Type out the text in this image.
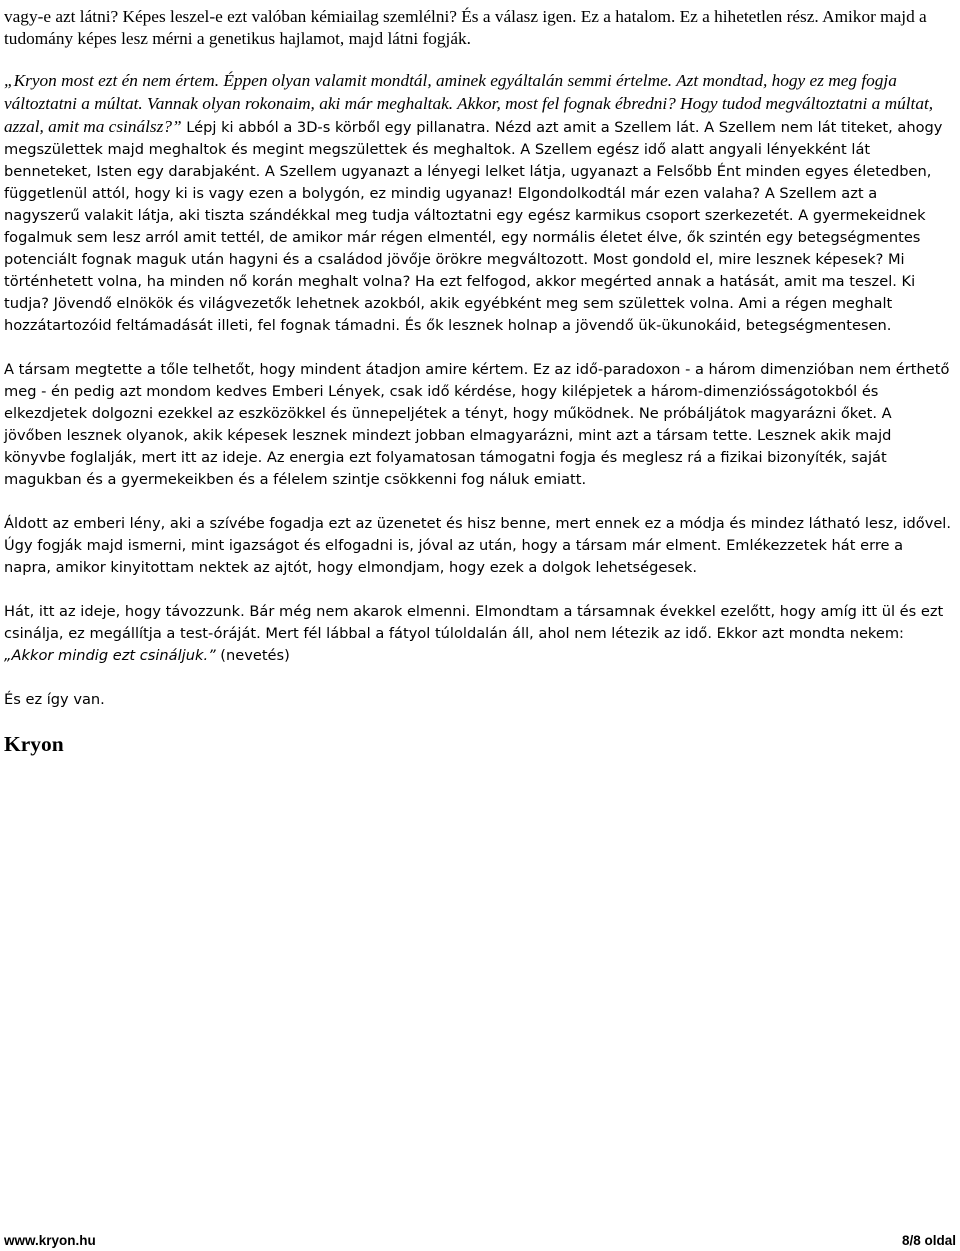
vagy-e azt látni? Képes leszel-e ezt valóban kémiailag szemlélni? És a válasz igen. Ez a hatalom. Ez a hihetetlen rész. Amikor majd a tudomány képes lesz mérni a genetikus hajlamot, majd látni fogják.

„Kryon most ezt én nem értem. Éppen olyan valamit mondtál, aminek egyáltalán semmi értelme. Azt mondtad, hogy ez meg fogja változtatni a múltat. Vannak olyan rokonaim, aki már meghaltak. Akkor, most fel fognak ébredni? Hogy tudod megváltoztatni a múltat, azzal, amit ma csinálsz?” Lépj ki abból a 3D-s körből egy pillanatra. Nézd azt amit a Szellem lát. A Szellem nem lát titeket, ahogy megszülettek majd meghaltok és megint megszülettek és meghaltok. A Szellem egész idő alatt angyali lényekként lát benneteket, Isten egy darabjaként. A Szellem ugyanazt a lényegi lelket látja, ugyanazt a Felsőbb Ént minden egyes életedben, függetlenül attól, hogy ki is vagy ezen a bolygón, ez mindig ugyanaz! Elgondolkodtál már ezen valaha? A Szellem azt a nagyszerű valakit látja, aki tiszta szándékkal meg tudja változtatni egy egész karmikus csoport szerkezetét. A gyermekeidnek fogalmuk sem lesz arról amit tettél, de amikor már régen elmentél, egy normális életet élve, ők szintén egy betegségmentes potenciált fognak maguk után hagyni és a családod jövője örökre megváltozott. Most gondold el, mire lesznek képesek? Mi történhetett volna, ha minden nő korán meghalt volna? Ha ezt felfogod, akkor megérted annak a hatását, amit ma teszel. Ki tudja? Jövendő elnökök és világvezetők lehetnek azokból, akik egyébként meg sem születtek volna. Ami a régen meghalt hozzátartozóid feltámadását illeti, fel fognak támadni. És ők lesznek holnap a jövendő ük-ükunokáid, betegségmentesen.

A társam megtette a tőle telhetőt, hogy mindent átadjon amire kértem. Ez az idő-paradoxon - a három dimenzióban nem érthető meg - én pedig azt mondom kedves Emberi Lények, csak idő kérdése, hogy kilépjetek a három-dimenziósságotokból és elkezdjetek dolgozni ezekkel az eszközökkel és ünnepeljétek a tényt, hogy működnek. Ne próbáljátok magyarázni őket. A jövőben lesznek olyanok, akik képesek lesznek mindezt jobban elmagyarázni, mint azt a társam tette. Lesznek akik majd könyvbe foglalják, mert itt az ideje. Az energia ezt folyamatosan támogatni fogja és meglesz rá a fizikai bizonyíték, saját magukban és a gyermekeikben és a félelem szintje csökkenni fog náluk emiatt.

Áldott az emberi lény, aki a szívébe fogadja ezt az üzenetet és hisz benne, mert ennek ez a módja és mindez látható lesz, idővel. Úgy fogják majd ismerni, mint igazságot és elfogadni is, jóval az után, hogy a társam már elment. Emlékezzetek hát erre a napra, amikor kinyitottam nektek az ajtót, hogy elmondjam, hogy ezek a dolgok lehetségesek.

Hát, itt az ideje, hogy távozzunk. Bár még nem akarok elmenni. Elmondtam a társamnak évekkel ezelőtt, hogy amíg itt ül és ezt csinálja, ez megállítja a test-óráját. Mert fél lábbal a fátyol túloldalán áll, ahol nem létezik az idő. Ekkor azt mondta nekem: „Akkor mindig ezt csináljuk.” (nevetés)

És ez így van.

Kryon

www.kryon.hu	8/8 oldal
